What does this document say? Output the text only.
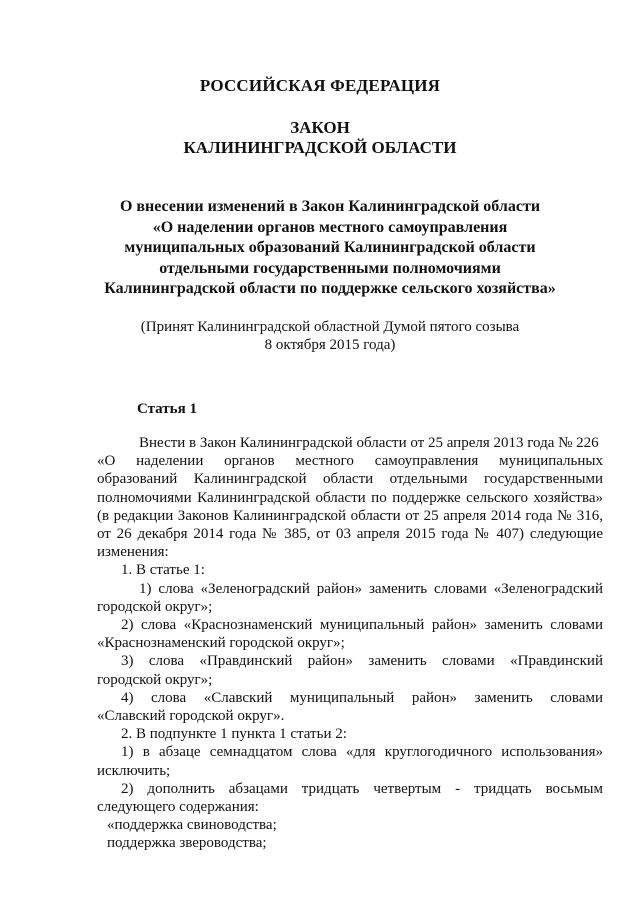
РОССИЙСКАЯ ФЕДЕРАЦИЯ
ЗАКОН
КАЛИНИНГРАДСКОЙ ОБЛАСТИ
О внесении изменений в Закон Калининградской области
«О наделении органов местного самоуправления
муниципальных образований Калининградской области
отдельными государственными полномочиями
Калининградской области по поддержке сельского хозяйства»
(Принят Калининградской областной Думой пятого созыва
8 октября 2015 года)
Статья 1
Внести в Закон Калининградской области от 25 апреля 2013 года № 226
«О наделении органов местного самоуправления муниципальных
образований Калининградской области отдельными государственными
полномочиями Калининградской области по поддержке сельского хозяйства»
(в редакции Законов Калининградской области от 25 апреля 2014 года № 316,
от 26 декабря 2014 года № 385, от 03 апреля 2015 года № 407) следующие
изменения:
1. В статье 1:
1) слова «Зеленоградский район» заменить словами «Зеленоградский
городской округ»;
2) слова «Краснознаменский муниципальный район» заменить словами
«Краснознаменский городской округ»;
3) слова «Правдинский район» заменить словами «Правдинский
городской округ»;
4) слова «Славский муниципальный район» заменить словами
«Славский городской округ».
2. В подпункте 1 пункта 1 статьи 2:
1) в абзаце семнадцатом слова «для круглогодичного использования»
исключить;
2) дополнить абзацами тридцать четвертым - тридцать восьмым
следующего содержания:
«поддержка свиноводства;
поддержка звероводства;
